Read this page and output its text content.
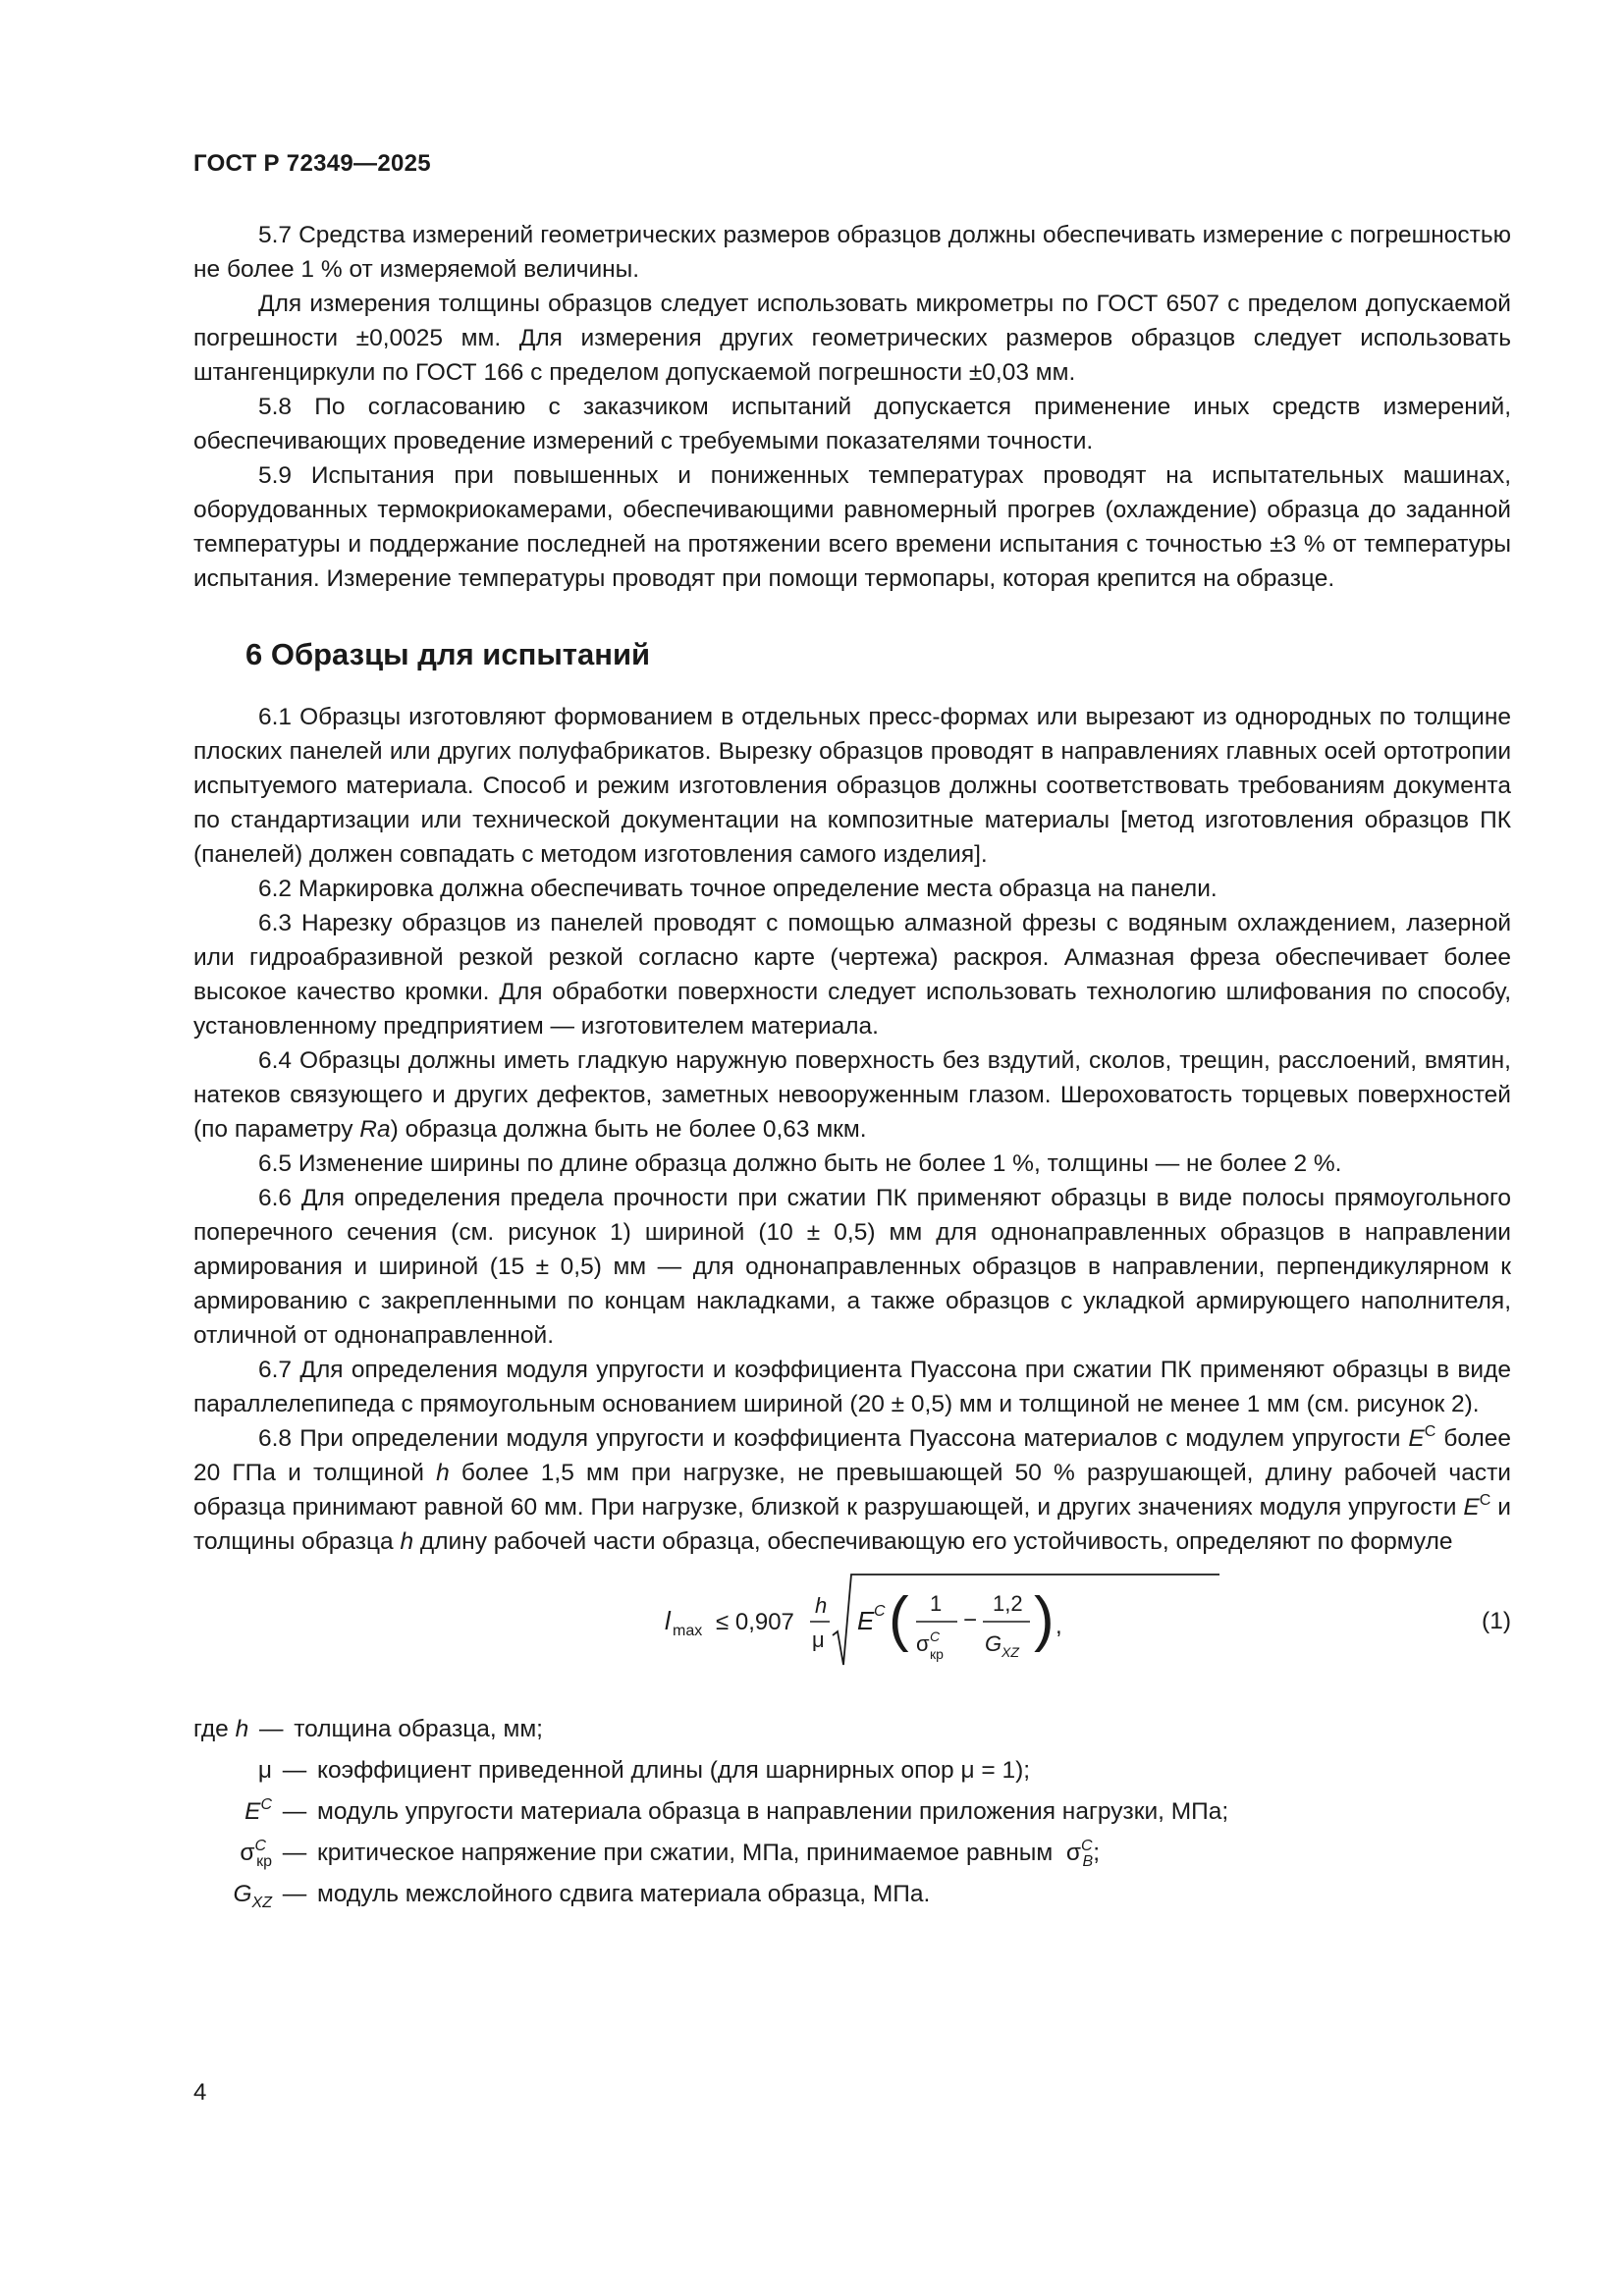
ГОСТ Р 72349—2025

5.7 Средства измерений геометрических размеров образцов должны обеспечивать измерение с погрешностью не более 1 % от измеряемой величины.

Для измерения толщины образцов следует использовать микрометры по ГОСТ 6507 с пределом допускаемой погрешности ±0,0025 мм. Для измерения других геометрических размеров образцов следует использовать штангенциркули по ГОСТ 166 с пределом допускаемой погрешности ±0,03 мм.

5.8 По согласованию с заказчиком испытаний допускается применение иных средств измерений, обеспечивающих проведение измерений с требуемыми показателями точности.

5.9 Испытания при повышенных и пониженных температурах проводят на испытательных машинах, оборудованных термокриокамерами, обеспечивающими равномерный прогрев (охлаждение) образца до заданной температуры и поддержание последней на протяжении всего времени испытания с точностью ±3 % от температуры испытания. Измерение температуры проводят при помощи термопары, которая крепится на образце.

6 Образцы для испытаний

6.1 Образцы изготовляют формованием в отдельных пресс-формах или вырезают из однородных по толщине плоских панелей или других полуфабрикатов. Вырезку образцов проводят в направлениях главных осей ортотропии испытуемого материала. Способ и режим изготовления образцов должны соответствовать требованиям документа по стандартизации или технической документации на композитные материалы [метод изготовления образцов ПК (панелей) должен совпадать с методом изготовления самого изделия].

6.2 Маркировка должна обеспечивать точное определение места образца на панели.

6.3 Нарезку образцов из панелей проводят с помощью алмазной фрезы с водяным охлаждением, лазерной или гидроабразивной резкой резкой согласно карте (чертежа) раскроя. Алмазная фреза обеспечивает более высокое качество кромки. Для обработки поверхности следует использовать технологию шлифования по способу, установленному предприятием — изготовителем материала.

6.4 Образцы должны иметь гладкую наружную поверхность без вздутий, сколов, трещин, расслоений, вмятин, натеков связующего и других дефектов, заметных невооруженным глазом. Шероховатость торцевых поверхностей (по параметру Ra) образца должна быть не более 0,63 мкм.

6.5 Изменение ширины по длине образца должно быть не более 1 %, толщины — не более 2 %.

6.6 Для определения предела прочности при сжатии ПК применяют образцы в виде полосы прямоугольного поперечного сечения (см. рисунок 1) шириной (10 ± 0,5) мм для однонаправленных образцов в направлении армирования и шириной (15 ± 0,5) мм — для однонаправленных образцов в направлении, перпендикулярном к армированию с закрепленными по концам накладками, а также образцов с укладкой армирующего наполнителя, отличной от однонаправленной.

6.7 Для определения модуля упругости и коэффициента Пуассона при сжатии ПК применяют образцы в виде параллелепипеда с прямоугольным основанием шириной (20 ± 0,5) мм и толщиной не менее 1 мм (см. рисунок 2).

6.8 При определении модуля упругости и коэффициента Пуассона материалов с модулем упругости $E^C$ более 20 ГПа и толщиной h более 1,5 мм при нагрузке, не превышающей 50 % разрушающей, длину рабочей части образца принимают равной 60 мм. При нагрузке, близкой к разрушающей, и других значениях модуля упругости $E^C$ и толщины образца h длину рабочей части образца, обеспечивающую его устойчивость, определяют по формуле

l max ≤ 0,907
h
μ
E C ( 1
σ C
кр
−
1,2
G XZ ) ,	(1)
где h — толщина образца, мм;
μ — коэффициент приведенной длины (для шарнирных опор μ = 1);
$E^C$ — модуль упругости материала образца в направлении приложения нагрузки, МПа;
$\sigma^C_{кр}$ — критическое напряжение при сжатии, МПа, принимаемое равным $\sigma^C_B$;
$G_{XZ}$ — модуль межслойного сдвига материала образца, МПа.
4
